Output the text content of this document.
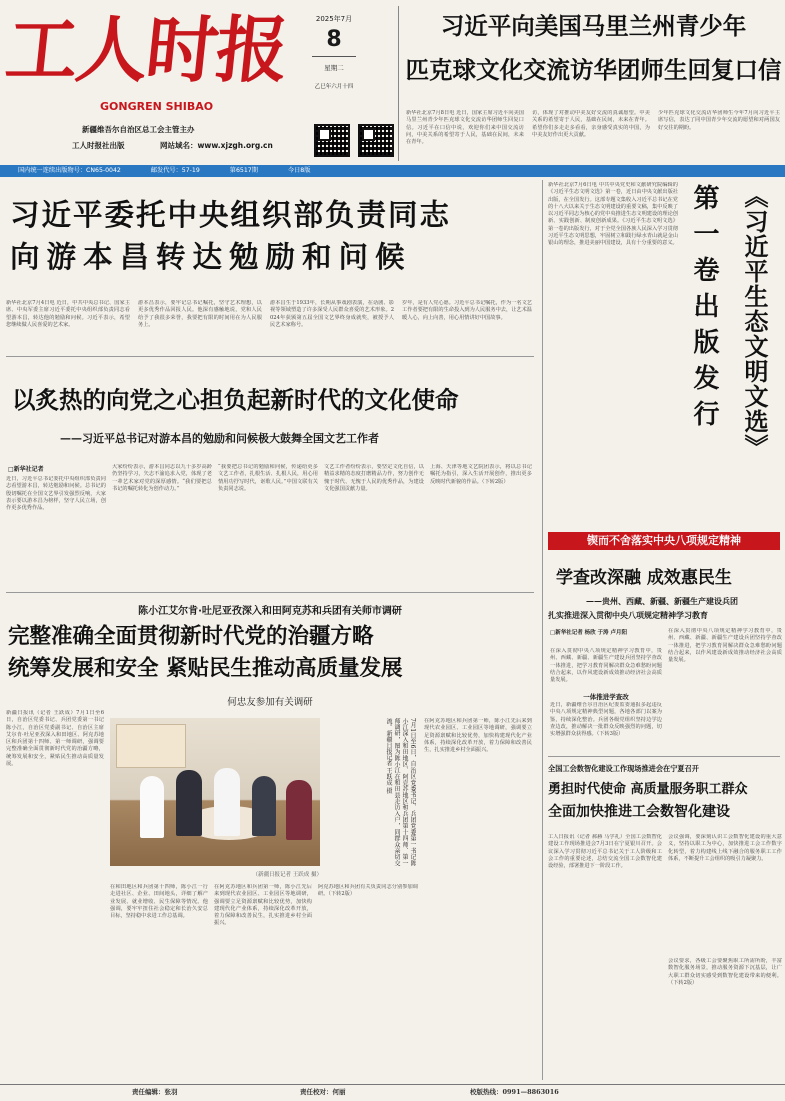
工人时报
GONGREN SHIBAO
新疆维吾尔自治区总工会主管主办
工人时报社出版	网站域名：www.xjzgh.org.cn
2025年7月
8
星期二
乙巳年六月十四
习近平向美国马里兰州青少年
匹克球文化交流访华团师生回复口信
新华社北京7月8日电 近日，国家主席习近平向美国马里兰州青少年匹克球文化交流访华团师生回复口信。习近平在口信中说，欢迎你们来中国交流访问，中美关系的希望寄于人民，基础在民间，未来在青年。
访，体现了对推动中美友好交流的真诚愿望。中美关系的希望寄于人民，基础在民间，未来在青年。希望你们多走走多看看，亲身感受真实的中国，为中美友好作出更大贡献。
少年匹克球文化交流访华团师生今年7月向习近平主席写信，表达了同中国青少年交流的愿望和对两国友好交往的期盼。
国内统一连续出版物号：CN65-0042	邮发代号：57-19	第6517期	今日8版
习近平委托中央组织部负责同志
向游本昌转达勉励和问候
新华社北京7月4日电 近日，中共中央总书记、国家主席、中央军委主席习近平委托中央组织部负责同志看望游本昌，转达他的勉励和问候。习近平表示，希望您继续做人民喜爱的艺术家。
游本昌表示，要牢记总书记嘱托，坚守艺术理想，以更多优秀作品回报人民。他深有感触地说，党和人民给予了我很多荣誉，我要把有限的时间用在为人民服务上。
游本昌生于1933年，长期从事戏剧表演，在话剧、影视等领域塑造了许多深受人民群众喜爱的艺术形象。2024年获颁第五届全国文艺界终身成就奖，被授予人民艺术家称号。
岁年，是有人党心愿。习近平总书记嘱托，作为一名文艺工作者要把有限的生命投入到为人民服务中去，让艺术温暖人心，向上向善，用心用情讲好中国故事。
以炙热的向党之心担负起新时代的文化使命
——习近平总书记对游本昌的勉励和问候极大鼓舞全国文艺工作者
□新华社记者
近日，习近平总书记委托中央组织部负责同志看望游本昌，转达勉励和问候。总书记的殷切嘱托在全国文艺界引发强烈反响，大家表示要以游本昌为榜样，坚守人民立场，创作更多优秀作品。
大家纷纷表示，游本昌同志以九十多岁高龄仍坚持学习，矢志不渝追求入党，体现了老一辈艺术家对党的深厚感情。“我们要把总书记的嘱托转化为创作动力。”
“我要把总书记的勉励和问候，传递给更多文艺工作者，扎根生活、扎根人民，用心用情用功抒写时代，讴歌人民。”中国文联有关负责同志说。
文艺工作者纷纷表示，要坚定文化自信，以精益求精的态度打磨精品力作，努力创作无愧于时代、无愧于人民的优秀作品，为建设文化强国贡献力量。
上海、天津等地文艺院团表示，将以总书记嘱托为指引，深入生活开展创作，推出更多反映时代新貌的作品。（下转2版）
陈小江艾尔肯·吐尼亚孜深入和田阿克苏和兵团有关师市调研
完整准确全面贯彻新时代党的治疆方略
统筹发展和安全 紧贴民生推动高质量发展
何忠友参加有关调研
新疆日报讯（记者 王跃成）7月1日至6日，自治区党委书记、兵团党委第一书记陈小江，自治区党委副书记、自治区主席艾尔肯·吐尼亚孜深入和田地区、阿克苏地区和兵团第十四师、第一师调研，强调要完整准确全面贯彻新时代党的治疆方略，统筹发展和安全，紧贴民生推动高质量发展。	7月1日至6日，自治区党委书记、兵团党委第一书记陈小江深入和田地区、阿克苏地区和兵团第十四师、第一师调研，图为陈小江在和田县走访入户，同群众亲切交流。新疆日报记者 王跃成 摄
（新疆日报记者 王跃成 摄）
在和田地区和兵团第十四师，陈小江一行走进社区、企业、田间地头，详细了解产业发展、就业增收、民生保障等情况。他强调，要牢牢扭住社会稳定和长治久安总目标，坚持稳中求进工作总基调。
在阿克苏地区和兵团第一师，陈小江先后来到现代农业园区、工业园区等地调研，强调要立足资源禀赋和比较优势，加快构建现代化产业体系，持续深化改革开放，着力保障和改善民生，扎实推进乡村全面振兴。
阿克苏地区和兵团有关负责同志分别参加调研。（下转2版）
在阿克苏地区和兵团第一师，陈小江先后来到现代农业园区、工业园区等地调研，强调要立足资源禀赋和比较优势，加快构建现代化产业体系，持续深化改革开放，着力保障和改善民生，扎实推进乡村全面振兴。
新华社北京7月6日电 中共中央党史和文献研究院编辑的《习近平生态文明文选》第一卷，近日由中央文献出版社出版，在全国发行。这部专题文集收入习近平总书记在党的十八大以来关于生态文明建设的重要文稿，集中反映了以习近平同志为核心的党中央推进生态文明建设的理论创新、实践创新、制度创新成果。《习近平生态文明文选》第一卷的出版发行，对于全党全国各族人民深入学习贯彻习近平生态文明思想，牢固树立和践行绿水青山就是金山银山的理念，推进美丽中国建设，具有十分重要的意义。 第一卷出版发行 《习近平生态文明文选》
锲而不舍落实中央八项规定精神
学查改深融 成效惠民生
——贵州、西藏、新疆、新疆生产建设兵团
扎实推进深入贯彻中央八项规定精神学习教育
□新华社记者 杨欣 于涛 卢月阳
在深入贯彻中央八项规定精神学习教育中，贵州、西藏、新疆、新疆生产建设兵团坚持学查改一体推进，把学习教育同解决群众急难愁盼问题结合起来，以作风建设新成效推动经济社会高质量发展。
一体推进学查改
近日，新疆维吾尔自治区纪委监委通报多起违反中央八项规定精神典型问题，各地各部门以案为鉴，持续深化整治。兵团各级党组织坚持边学边查边改，推动解决一批群众反映强烈的问题，切实增强群众获得感。（下转3版）
在深入贯彻中央八项规定精神学习教育中，贵州、西藏、新疆、新疆生产建设兵团坚持学查改一体推进，把学习教育同解决群众急难愁盼问题结合起来，以作风建设新成效推动经济社会高质量发展。
全国工会数智化建设工作现场推进会在宁夏召开
勇担时代使命 高质量服务职工群众
全面加快推进工会数智化建设
工人日报讯（记者 郝赫 马学礼）全国工会数智化建设工作现场推进会7月3日在宁夏银川召开。会议深入学习贯彻习近平总书记关于工人阶级和工会工作的重要论述，总结交流全国工会数智化建设经验，部署推进下一阶段工作。
会议强调，要深刻认识工会数智化建设的重大意义，坚持以职工为中心，加快推进工会工作数字化转型，着力构建线上线下融合的服务职工工作体系，不断提升工会组织的吸引力凝聚力。
会议要求，各级工会要聚焦职工所需所盼，丰富数智化服务场景，推动服务资源下沉基层，让广大职工群众切实感受到数智化建设带来的便利。（下转2版）
责任编辑：张羽	责任校对：何丽	校版热线：0991—8863016
